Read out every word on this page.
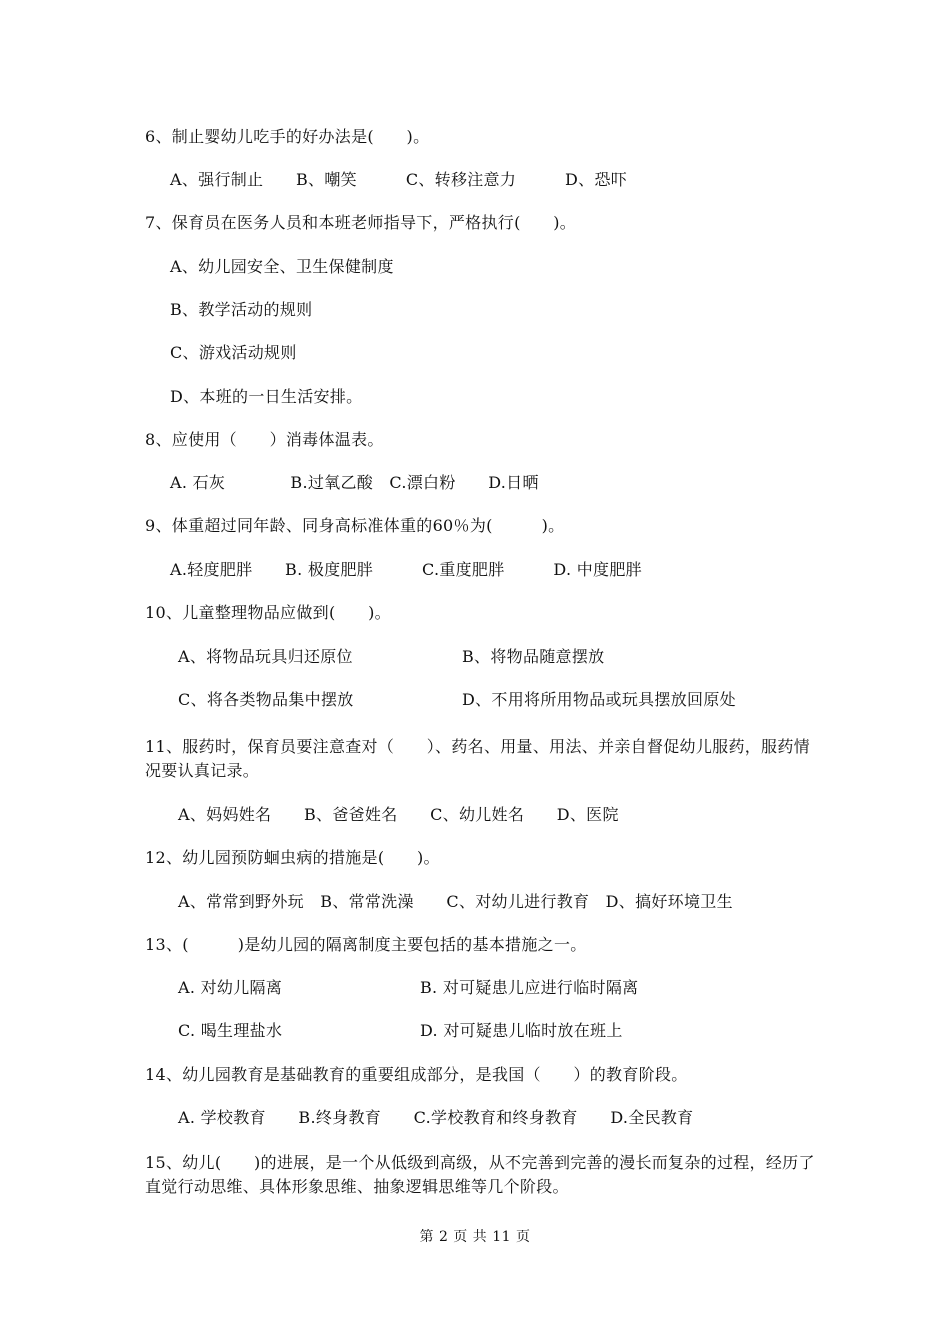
6、制止婴幼儿吃手的好办法是(　　)。
A、强行制止　　B、嘲笑　　　C、转移注意力　　　D、恐吓
7、保育员在医务人员和本班老师指导下，严格执行(　　)。
A、幼儿园安全、卫生保健制度
B、教学活动的规则
C、游戏活动规则
D、本班的一日生活安排。
8、应使用（　　）消毒体温表。
A. 石灰　　　　B.过氧乙酸　C.漂白粉　　D.日晒
9、体重超过同年龄、同身高标准体重的60％为(　　　)。
A.轻度肥胖　　B. 极度肥胖　　　C.重度肥胖　　　D. 中度肥胖
10、儿童整理物品应做到(　　)。
A、将物品玩具归还原位	B、将物品随意摆放
C、将各类物品集中摆放	D、不用将所用物品或玩具摆放回原处
11、服药时，保育员要注意查对（　　）、药名、用量、用法、并亲自督促幼儿服药，服药情况要认真记录。
A、妈妈姓名　　B、爸爸姓名　　C、幼儿姓名　　D、医院
12、幼儿园预防蛔虫病的措施是(　　)。
A、常常到野外玩　B、常常洗澡　　C、对幼儿进行教育　D、搞好环境卫生
13、(　　　)是幼儿园的隔离制度主要包括的基本措施之一。
A. 对幼儿隔离	B. 对可疑患儿应进行临时隔离
C. 喝生理盐水	D. 对可疑患儿临时放在班上
14、幼儿园教育是基础教育的重要组成部分，是我国（　　）的教育阶段。
A. 学校教育　　B.终身教育　　C.学校教育和终身教育　　D.全民教育
15、幼儿(　　)的进展，是一个从低级到高级，从不完善到完善的漫长而复杂的过程，经历了直觉行动思维、具体形象思维、抽象逻辑思维等几个阶段。
第 2 页 共 11 页
